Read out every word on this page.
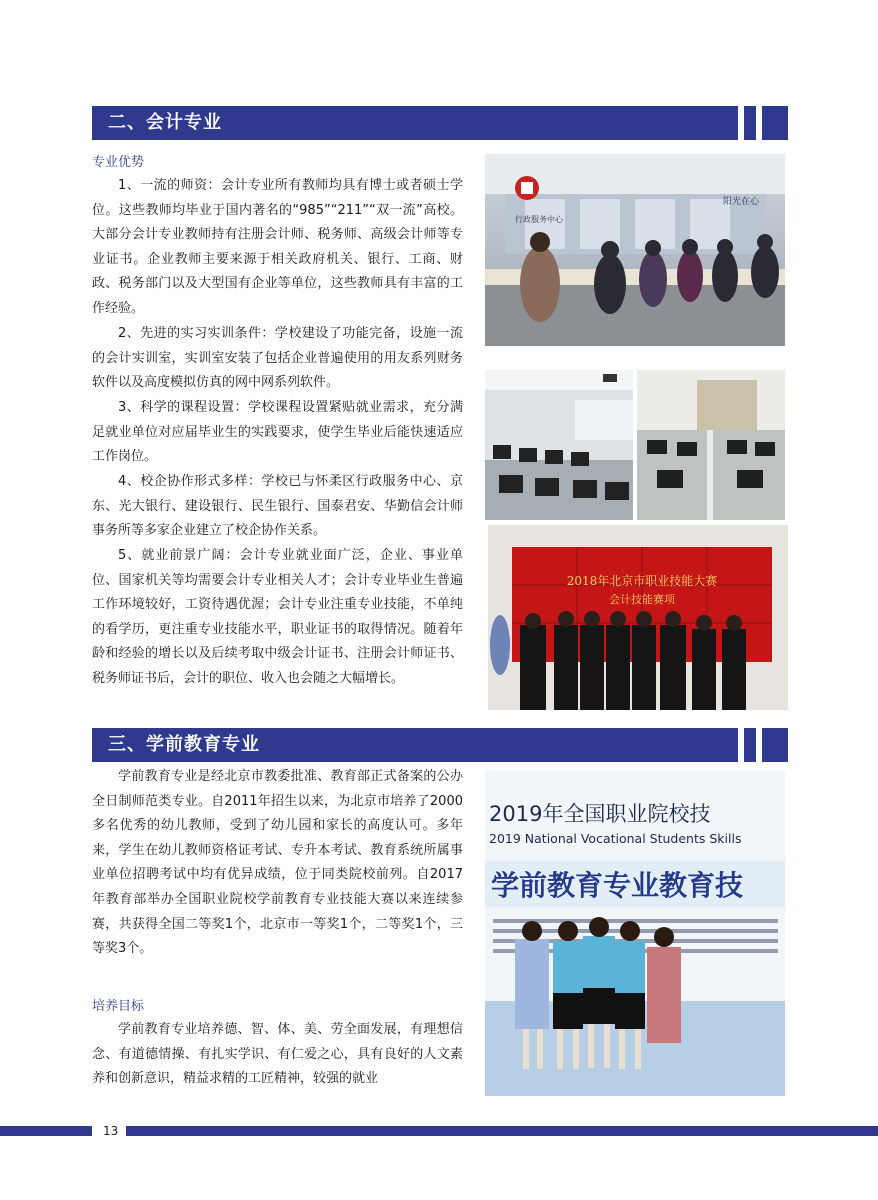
二、会计专业
专业优势

1、一流的师资：会计专业所有教师均具有博士或者硕士学位。这些教师均毕业于国内著名的“985”“211”“双一流”高校。大部分会计专业教师持有注册会计师、税务师、高级会计师等专业证书。企业教师主要来源于相关政府机关、银行、工商、财政、税务部门以及大型国有企业等单位，这些教师具有丰富的工作经验。

2、先进的实习实训条件：学校建设了功能完备，设施一流的会计实训室，实训室安装了包括企业普遍使用的用友系列财务软件以及高度模拟仿真的网中网系列软件。

3、科学的课程设置：学校课程设置紧贴就业需求，充分满足就业单位对应届毕业生的实践要求，使学生毕业后能快速适应工作岗位。

4、校企协作形式多样：学校已与怀柔区行政服务中心、京东、光大银行、建设银行、民生银行、国泰君安、华勤信会计师事务所等多家企业建立了校企协作关系。

5、就业前景广阔：会计专业就业面广泛，企业、事业单位、国家机关等均需要会计专业相关人才；会计专业毕业生普遍工作环境较好，工资待遇优渥；会计专业注重专业技能，不单纯的看学历，更注重专业技能水平，职业证书的取得情况。随着年龄和经验的增长以及后续考取中级会计证书、注册会计师证书、税务师证书后，会计的职位、收入也会随之大幅增长。

行政服务中心
阳光在心
2018年北京市职业技能大赛
会计技能赛项
三、学前教育专业

学前教育专业是经北京市教委批准、教育部正式备案的公办全日制师范类专业。自2011年招生以来，为北京市培养了2000多名优秀的幼儿教师，受到了幼儿园和家长的高度认可。多年来，学生在幼儿教师资格证考试、专升本考试、教育系统所属事业单位招聘考试中均有优异成绩，位于同类院校前列。自2017年教育部举办全国职业院校学前教育专业技能大赛以来连续参赛，共获得全国二等奖1个，北京市一等奖1个，二等奖1个，三等奖3个。

培养目标

学前教育专业培养德、智、体、美、劳全面发展，有理想信念、有道德情操、有扎实学识、有仁爱之心，具有良好的人文素养和创新意识，精益求精的工匠精神，较强的就业

2019年全国职业院校技
2019 National Vocational Students Skills
学前教育专业教育技
13
